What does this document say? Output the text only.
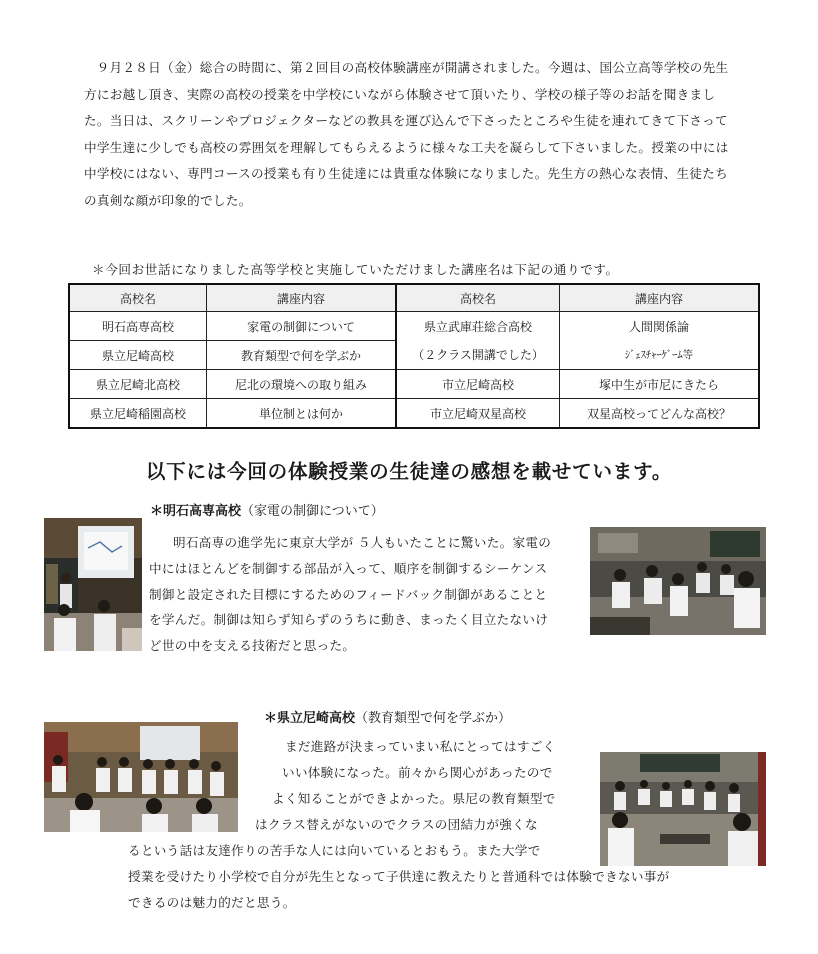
９月２８日（金）総合の時間に、第２回目の高校体験講座が開講されました。今週は、国公立高等学校の先生方にお越し頂き、実際の高校の授業を中学校にいながら体験させて頂いたり、学校の様子等のお話を聞きました。当日は、スクリーンやプロジェクターなどの教具を運び込んで下さったところや生徒を連れてきて下さって中学生達に少しでも高校の雰囲気を理解してもらえるように様々な工夫を凝らして下さいました。授業の中には中学校にはない、専門コースの授業も有り生徒達には貴重な体験になりました。先生方の熱心な表情、生徒たちの真剣な顔が印象的でした。

＊今回お世話になりました高等学校と実施していただけました講座名は下記の通りです。
高校名	講座内容	高校名	講座内容
明石高専高校	家電の制御について	県立武庫荘総合高校	人間関係論
県立尼崎高校	教育類型で何を学ぶか	（２クラス開講でした）	ｼﾞｪｽﾁｬｰｹﾞｰﾑ等
県立尼崎北高校	尼北の環境への取り組み	市立尼崎高校	塚中生が市尼にきたら
県立尼崎稲園高校	単位制とは何か	市立尼崎双星高校	双星高校ってどんな高校？
以下には今回の体験授業の生徒達の感想を載せています。
＊明石高専高校（家電の制御について）
明石高専の進学先に東京大学が ５人もいたことに驚いた。家電の
中にはほとんどを制御する部品が入って、順序を制御するシーケンス
制御と設定された目標にするためのフィードバック制御があることと
を学んだ。制御は知らず知らずのうちに動き、まったく目立たないけ
ど世の中を支える技術だと思った。
＊県立尼崎高校（教育類型で何を学ぶか）
まだ進路が決まっていまい私にとってはすごく
いい体験になった。前々から関心があったので
よく知ることができよかった。県尼の教育類型で
はクラス替えがないのでクラスの団結力が強くな
るという話は友達作りの苦手な人には向いているとおもう。また大学で
授業を受けたり小学校で自分が先生となって子供達に教えたりと普通科では体験できない事が
できるのは魅力的だと思う。
